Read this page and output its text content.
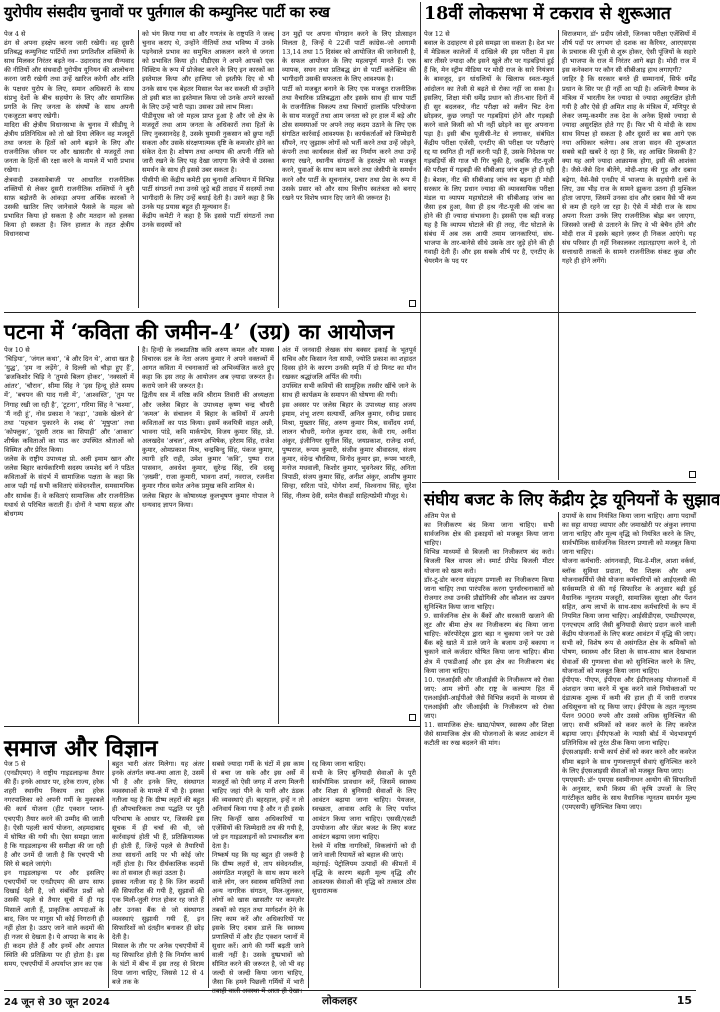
युरोपीय संसदीय चुनावों पर पुर्तगाल की कम्युनिस्ट पार्टी का रुख	18वीं लोकसभा में टकराव से शुरूआत
पटना में ‘कविता की जमीन-4’ (उग्र) का आयोजन
संघीय बजट के लिए केंद्रीय ट्रेड यूनियनों के सुझाव
समाज और विज्ञान

पेज 4 से
ढंग से अपना हस्क्षेप करना जारी रखेगी। वह दूसरी प्रतिबद्ध कम्युनिस्ट पार्टियों तथा प्रगतिशील शक्तियों के साथ मिलकर निरंतर बढ़ते नव– उदारवाद तथा सैन्यवाद की नीतियों और संघवादी युरोपीय यूनियन की आलोचना करना जारी रखेगी तथा उन्हें खारिज करेगी और शांति के पक्षधर युरोप के लिए, समान अधिकारों के साथ संप्रभु देशों के बीच सहयोग के लिए और सामाजिक प्रगति के लिए जनता के संघर्षों के साथ अपनी एकजुटता बनाए रखेगी।
मादिरा की क्षेत्रीय विधानसभा के चुनाव में सीडीयू ने क्षेत्रीय प्रतिनिधित्व को तो खो दिया लेकिन वह मजदूरों तथा जनता के हितों को आगे बढ़ाने के लिए और राजनीतिक जीवन पर और खासतौर से मजदूरों तथा जनता के हितों की रक्षा करने के मामले में भारी प्रभाव रखेगा।
क्षेत्रवादी उकसावेबाजी पर आधारित राजनीतिक शक्तियों से लेकर दूसरी राजनीतिक शक्तियों ने बुरी साफ़ बढ़ोतरी के आंकड़ा अपना अर्थिक कारकों ने उसकी खातिर लिए जानेवाले फैसले के महत्व को प्रभावित किया हो सकता है और मतदान को हलका किया हो सकता है। जिन हालात के तहत क्षेत्रीय विधानसभा

को भंग किया गया था और गणतंत्र के राष्ट्रपति ने जल्द चुनाव कराए थे, उन्होंने नीतियों तथा भविष्य में उनके पड़नेवाले प्रभाव का समुचित आकलन करने से जनता को प्रभावित किया हो। पीडीएस ने अपने आपको एक विक्टिम के रूप में प्रोजेक्ट करने के लिए इन कारकों का इस्तेमाल किया और हालिया जो इस्तीफे दिए वो भी उनके साथ एक बेहतर मिसाल पेश कर सकती थी उन्होंने तो इसी बात का इस्तेमाल किया जो उनके अपने कारकों के लिए उन्हें भारी पड़ा। उसका उसे लाभ मिला।
पीडीयूएस को जो महत्व प्राप्त हुआ है और जो क्षेत्र के मजदूरों तथा आम जनता के अधिकारों तथा हितों के लिए नुकसानदेह है, उसके घुमावी नुकसान को छुपा नहीं सकता और उसके संरक्षणात्मक दृष्टि के कमजोर होने का संकेत देता है। शोषण तथा अन्याय की अपनी नीति को जारी रखने के लिए यह देखा जाएगा कि जेपी से उसका समर्थन के साथ ही इससे उबर सकता है।
पीसीपी की केंद्रीय कमेटी इस चुनावी अभियान में विभिन्न पार्टी संगठनों तथा उनसे जुड़े बड़ी तादाद में सदस्यों तथा भागीदारी के लिए उन्हें बधाई देती है। उसने कहा है कि उनके यह प्रयास बहुत ही मूल्यवान हैं।
केंद्रीय कमेटी ने कहा है कि इससे पार्टी संगठनों तथा उनके सदस्यों को

उन मुद्दों पर अपना योगदान करने के लिए प्रोत्साहन मिलता है, जिन्हें ये 22वीं पार्टी कांग्रेस–जो आगामी 13,14 तथा 15 दिसंबर को आयोजित की जानेवाली है, के सफल आयोजन के लिए महत्वपूर्ण मानते हैं। एक व्यापक, सघन तथा प्रतिबद्ध ढंग से पार्टी कलेक्टिव की भागीदारी उसकी सफलता के लिए आवश्यक है।
पार्टी को मजबूत बनाने के लिए एक मजबूत राजनीतिक तथा वैचारिक प्रतिबद्धता और इसके साथ ही साथ पार्टी के राजनीतिक विकल्प तथा विचारों हालांकि परियोजना के साथ मजदूरों तथा आम जनता को हर हाल में बड़े और ठोस समस्याओं पर अपने तरह कदम उठाने के लिए एक संगठित कार्रवाई आवश्यक है। कार्यकर्ताओं को जिम्मेदारी सौंपने, नए जुझारू लोगों को भर्ती करने तथा उन्हें जोड़ने, कंपनी तथा कार्यस्थल सेलों का निर्माण करने तथा उन्हें बनाए रखने, स्थानीय संगठनों के हस्तक्षेप को मजबूत करने, युवाओं के साथ काम करने तथा जेसीपी के समर्थन करने और पार्टी के सूचनातंत्र, प्रचार तथा प्रेस के रूप में उसके प्रसार को और साथ वित्तीय स्वतंत्रता को बनाए रखने पर विशेष ध्यान दिए जाने की जरूरत है।

पेज 12 से
बवाल के उदाहरण से इसे समझा जा सकता है। देश भर में मेडिकल कालेजों में दाखिले की इस परीक्षा में इस बार तीसरे ज्यादा और इसने खुले तौर पर गड़बड़ियां हुई हैं कि, मेन स्ट्रीम मीडिया पर मोदी राज के सारे नियंत्रण के बावजूद, इन धांधलियों के खिलाफ स्वतः-स्फूर्त आंदोलन का तेजी से बढ़ते से रोका नहीं जा सका है। इसलिए, शिक्षा मंत्री धर्मेंद्र प्रधान को तीन-चार दिनों में ही सुर बदलकर, नीट परीक्षा को क्लीन चिट देना छोड़कर, कुछ जगहों पर गड़बड़ियां होने और गड़बड़ी करने वाले किसी को भी नहीं छोड़ने का सुर अपनाना पड़ा है। इसी बीच यूजीसी-नेट से लगाकर, संबंधित केंद्रीय परीक्षा एजेंसी, एनटीए की परीक्षा पर परीक्षाएं रद्द या स्थगित ही नहीं करनी पड़ी हैं, उसके निदेशक पर गड़बड़ियों की गाज भी गिर चुकी है, जबकि नीट-यूजी की परीक्षा में गड़बड़ी की सीबीआइ जांच शुरू हो ही रही है। बेशक, नीट की सीबीआइ जांच का बढ़ना ही मोदी सरकार के लिए प्रधान ज्यादा की व्यावसायिक परीक्षा मंडल या व्यापम महाघोटाले की सीबीआइ जांच का जैसा हश्र हुआ, वैसा ही हश्र नीट-यूजी की जांच का होने की ही ज्यादा संभावना है। इसकी एक बड़ी वजह यह है कि व्यापम घोटाले की ही तरह, नीट घोटाले के संबंध में अब तक आयी तमाम जानकारियां, संघ-भाजपा के तार-बानेसे सीधे उसके तार जुड़े होने की ही गवाही देती हैं। और इस सबके शीर्ष पर है, एनटीए के चेयरमैन के पद पर

विराजमान, डॉ॰ प्रदीप जोशी, जिनका परीक्षा एजेंसियों में शीर्ष पदों पर लगभग दो दशक का कैरियर, आरएसएस के प्रचारक की पूंजी से शुरू होकर, ऐसी पूंजियों के सहारे ही भाजपा के राज में निरंतर आगे बढ़ा है। मोदी राज में इस कनेक्शन पर कौन सी सीबीआइ हाथ लगाएगी?
जाहिर है कि सरकार बनते ही सम्मानार्य, सिर्फ धर्मेंद्र प्रधान के सिर पर ही नहीं आ पड़ी है। अश्विनी वैष्णव के मंत्रित्व में भारतीय रेल ज्यादा से ज्यादा असुरक्षित होती गयी है और ऐसे ही अमित शाह के मंत्रित्व में, मणिपुर से लेकर जम्मू-कश्मीर तक देश के अनेक हिस्से ज्यादा से ज्यादा असुरक्षित होते गए हैं। फिर भी ये मोदी के साथ साथ विपक्ष हो सकता है और दूसरों का बस आगे एक नया अधिकार चलेगा। अब ताजा सदन की शुरूआत सबसे बड़ी खबरें दे रहा है कि, वह आखिर किसकी है? क्या यह आगे ज्यादा आक्रामक होगा, इसी की आशंका है। जैसे-जैसे दिन बीतेंगे, मोदी-शाह की गुड़ और दबाव बढ़ेगा, वैसे-वैसे एनडीए में भाजपा के सहयोगी दलों के लिए, उस भीड़ राज के सामने झुकना उतना ही मुश्किल होता जाएगा, जिसमें उनका दांव और दबाव वैसे भी कम से कम ही रहने जा रहा है। ऐसे में मोदी राज के साथ अपना रिश्ता उनके लिए राजनीतिक बोझ बन जाएगा, जिसको जल्दी से उतारने के लिए वे भी बेचैन होंगे और मोदी राज में इसके बहाने ज़रूर ही निकल आएंगे। यह संघ परिवार ही नहीं निकालकर तड़ातड़ाएगा करने दे, तो सत्ताधारी ताकतों के सामने राजनीतिक संकट कुछ और गहरे ही होने लगेंगे।

पेज 10 से
‘चिड़िया’, ‘जंगल कथा’, ‘बे और दिन थे’, आधा खत है ‘युद्ध’, ‘हम ना लड़ेंगे’, वे दिल्ली को चौड़ा हुए हैं’, ‘ब्रजकिशोर चिड़ि ने ‘तुमसे बिलग होकर’, ‘नक्सलों में आंतर’, ‘चौरान’, सीमा सिंह ने ‘इस हिन्दू होते समय में’, ‘बचपन की याद गली में’, ‘आश्वस्ति’, ‘तुम पर निगाह रखी जा रही है’, ‘टूटना’, गरिमा सिंह ने ‘चश्मा’, ‘मैं नदी हूं’, नोव प्रकाश ने ‘कड़ा’, ‘उसके खेलने से’ तथा ‘पहचान पुकारने के शब्द से’ ‘मूषुप्ता’ तथा ‘कोफ्लुक’, ‘दूसरी तरफ़ का सिपाही’ और ‘आकार’ शीर्षक कविताओं का पाठ कर उपस्थित श्रोताओं को विस्मित और प्रेरित किया।
जलेस के राष्ट्रीय उपाध्यक्ष प्रो. अली इमाम खान और जलेस बिहार कार्यकारिणी सदस्य जमशेद बर्ग ने पठित कविताओं के संदर्भ में सामाजिक पक्षता के कहा कि आज पढ़ी गई सभी कविताएं संवेदनशील, समसामयिक और सार्थक हैं। वे कविताएं सामाजिक और राजनीतिक यथार्थ से परिचित कराती हैं। दोनों ने भाषा सहज और बोधगम्य

है। हिन्दी के लब्धप्रतिष्ठ कवि अरुण कमल और माक्स विचारक दल के नेता अजय कुमार ने अपने वक्तव्यों में आगत कविता में रचनाकारों को अभिव्यंजित करते हुए कहा कि इस तरह के आयोजन अब ज़्यादा जरूरत है। कराये जाने की जरूरत है।
द्वितीय सत्र में वरिष्ठ कवि श्रीराम तिवारी की अध्यक्षता और जलेस बिहार के उपाध्यक्ष कृष्ण चन्द्र चौधरी ‘कमल’ के संचालन में बिहार के कवियों में अपनी कविताओं का पाठ किया। इसमें कवयित्री वाहत अन्नी, भावना पांडे, कवि मार्कण्डेय, विजय कुमार सिंह, प्रो. अलखदेव ‘अचल’, अरुण अभिषेक, हरेराम सिंह, राजेश कुमार, ओमप्रकाश मिश्र, चन्द्रबिन्दु सिंह, पंकज कुमार, त्यागी हरि राही, उमेश कुमार ‘कवि’, पुष्पा राज पासवान, अवधेश कुमार, सुरेन्द्र सिंह, रवि दस्सु ‘ज़ख्मी’, राजा कुमारी, भावना शर्मा, नवराज, रजनीश कुमार गौरव समेत अनेक प्रमुख कवि शामिल थे।
जलेस बिहार के कोषाध्यक्ष कुलभूषण कुमार गोपाल ने धन्यवाद ज्ञापन किया।

अंत में जनवादी लेखक संघ बक्सर इकाई के भूतपूर्व सचिव और किसान नेता साथी, ज्योति प्रकाश का शहादत दिवस होने के कारण उनकी स्मृति में दो मिनट का मौन रखकर श्रद्धांजलि अर्पित की गयी।
उपस्थित सभी कवियों की सामूहिक तस्वीर खींचे जाने के साथ ही कार्यक्रम के समापन की घोषणा की गयी।
इस अवसर पर जलेस बिहार के उपाध्यक्ष साह अजय इमाम, शंभू शरण सत्यार्थी, अनिल कुमार, रवीन्द्र प्रसाद मिश्रा, मुख्तार सिंह, अरुण कुमार मिश्र, सर्वोदय शर्मा, लालन चौधरी, मनोज कुमार दास, केवी राय, अनीश अंकुर, इंजीनियर सुनील सिंह, जयप्रकाश, राजेन्द्र शर्मा, पुष्पराज, रूपम कुमारी, संजीव कुमार श्रीवास्तव, संजय कुमार, वंदेन्द्र चौरसिया, विनोद कुमार झा, रूपम भारती, मनोज मधवाली, किशोर कुमार, भुवनेश्वर सिंह, अनिता त्रिपाठी, संजय कुमार सिंह, अनीश अंकुर, आशीष कुमार सिन्हा, सरिता पांडे, योगेश शर्मा, विश्वनाथ सिंह, सुरेश सिंह, नीलम देवी, समेत सैकड़ों साहित्यप्रेमी मौजूद थे।

अंतिम पेज से
का निजीकरण बंद किया जाना चाहिए। सभी सार्वजनिक क्षेत्र की इकाइयों को मजबूत किया जाना चाहिए।
विभिन्न माध्यमों से बिजली का निजीकरण बंद करो। बिजली बिल वापस लो। स्मार्ट प्रीपेड बिजली मीटर योजना को खत्म करो।
डॉर-टू-डोर करना संग्रहण प्रणाली का निजीकरण किया जाना चाहिए तथा पारंपरिक करना पुनर्संरचनाकारों को रोजगार तथा उनकी प्रौद्योगिकी और कौशल का उन्नयन सुनिश्चित किया जाना चाहिए।
9. सार्वजनिक क्षेत्र के बैंकों और सरकारी खजाने की लूट और बीमा क्षेत्र का निजीकरण बंद किया जाना चाहिए: कॉरपोरेट्स द्वारा बड़ा न चुकाया जाने पर उसे बैंक बट्टे खाते में डाले जाने के बजाय उन्हें बकाया न चुकाने वाले कर्जदार घोषित किया जाना चाहिए। बीमा क्षेत्र में एफडीआई और इस क्षेत्र का निजीकरण बंद किया जाना चाहिए।
10. एलआईसी और जीआईसी के निजीकरण को रोका जाए: आम लोगों और राष्ट्र के कल्याण हित में एलआईसी-आईपीओ जैसे विभिन्न कदमों के माध्यम से एलआईसी और जीआईसी के निजीकरण को रोका जाए।
11. सामाजिक क्षेत्र: खाद्य/पोषण, स्वास्थ्य और शिक्षा जैसे सामाजिक क्षेत्र की योजनाओं के बजट आवंटन में कटौती का रुख बदलने की मांग।

उपायों के साथ नियंत्रित किया जाना चाहिए। आगा पदार्थों का सट्टा वायदा व्यापार और जमाखोरी पर अंकुश लगाया जाना चाहिए और मूल्य वृद्धि को नियंत्रित करने के लिए, सार्वभौमिक सार्वजनिक वितरण प्रणाली को मजबूत किया जाना चाहिए।
योजना कर्मचारी: आंगनवाड़ी, मिड-डे-मील, आशा वर्कर्स, ब्लॉक सुविधा प्रदाता, पैरा शिक्षक और अन्य योजनाकर्मियों जैसे योजना कर्मचारियों को आईएलसी की सर्वसम्मति से की गई सिफारिश के अनुसार बढ़ी हुई वैधानिक न्यूनतम मजदूरी, सामाजिक सुरक्षा और पेंशन सहित, अन्य लाभों के साथ-साथ कर्मचारियों के रूप में नियमित किया जाना चाहिए। आईसीडीएस, एमडीएमएस, एनएचएम आदि जैसी बुनियादी सेवाएं प्रदान करने वाली केंद्रीय योजनाओं के लिए बजट आवंटन में वृद्धि की जाए। सभी को, विशेष रूप से असंगठित क्षेत्र के श्रमिकों को पोषण, स्वास्थ्य और शिक्षा के साथ-साथ बाल देखभाल सेवाओं की गुणवत्ता सेवा को सुनिश्चित करने के लिए, योजनाओं को मजबूत किया जाना चाहिए।
ईपीएफ: पीएफ, ईपीएस और ईडीएलआइ योजनाओं में अंशदान जमा करने में चूक करने वाले नियोक्ताओं पर दंडात्मक शुल्क में कमी की हाल ही में जारी राजपत्र अधिसूचना को रद्द किया जाए। ईपीएस के तहत न्यूनतम पेंशन 9000 रुपये और उससे अधिक सुनिश्चित की जाए। सभी श्रमिकों को कवर करने के लिए कवरेज बढ़ाया जाए। ईपीएफओ के न्यासी बोर्ड में भेदभावपूर्ण प्रतिनिधित्व को तुरंत ठीक किया जाना चाहिए।
ईएसआइसी: सभी कार्य क्षेत्रों को कवर करने और कवरेज सीमा बढ़ाने के साथ गुणवत्तापूर्ण सेवाएं सुनिश्चित करने के लिए ईएसआइसी सेवाओं को मजबूत किया जाए।
एमएसपी: डॉ॰ एमएस स्वामीनाथन आयोग की सिफारिशों के अनुसार, सभी किस्म की कृषि उपजों के लिए गारंटीकृत खरीद के साथ वैधानिक न्यूनतम समर्थन मूल्य (एमएसपी) सुनिश्चित किया जाए।

पेज 5 से
(एनडीएमए) ने राष्ट्रीय गाइडलाइन्स तैयार की हैं। इनके आधार पर, हरेक राज्य, हरेक शहरी स्थानीय निकाय तथा हरेक नगरपालिका को अपनी गर्मी के मुकाबले की कार्य योजना (हीट एक्शन प्लान-एचएपी) तैयार करने की उम्मीद की जाती है। ऐसी पहली कार्य योजना, अहमदाबाद में घोषित की गयी थी। ऐसा समझा जाता है कि गाइडलाइन्स की समीक्षा की जा रही है और उनमें दी जाती है कि एचएपी भी सिरे से बदले जाएंगे।
इन गाइडलाइन्स पर और इसलिए एचएपीयों पर एनडीएमए की छाप साफ दिखाई देती है, जो संबंधित प्रश्नों को उसकी पहले से तैयार सूची में ही गढ़ मिसालें आती हैं, प्राकृतिक आपदाओं के बाद, जिन पर मानूस भी कोई निगरानी ही नहीं होता है। उठाए जाने वाले कदमों की ही नजर से देखता है। ये आपदा के बाद के ही कदम होते हैं और इनमें और आपात स्थिति की प्रतिक्रिया पर ही होता है। इस समय, एचएपीयों में अपर्याप्त ज्ञान का एक

बहुत भारी अंतर मिलेगा। यह अंतर इनके अंतर्गत क्या-क्या आता है, उसमें भी है और इनके लिए, संस्थागत व्यवस्थाओं के मामले में भी है। इसका नतीजा यह है कि ग्रीष्म लहरों की बहुत ही औपचारिकता तथा पद्धति पर पूरी परिभाषा के आधार पर, जिसकी इस सूचक में ही चर्चा की थी, जो कार्रवाइयां होती भी हैं, प्रतिक्रियात्मक ही होती हैं, जिन्हें पहले से तैयारियों तथा साधनों आदि पर भी कोई जोर नहीं होता है। फिर दीर्घकालिक कदमों का तो सवाल ही कहां उठता है।
इसका नतीजा यह है कि जिन कदमों की सिफारिश की गयी है, सुझावों की एक मिली-जुली रंगत होकर रह जाते हैं और उनका बैंक से जो संस्थागत व्यवस्थाएं सुझायी गयी हैं, इन सिफारिशों को दंतहीन बनाकर ही छोड़ देती है।
मिसाल के तौर पर अनेक एचएपीयों में यह सिफारिश होती है कि निर्माण कार्य के घंटों में बीच में इस तरह से विराम दिया जाना चाहिए, जिससे 12 से 4 बजे तक के

सबसे ज्यादा गर्मी के घंटों में इस काम से बचा जा सके और इस अर्से में मजदूरों को ऐसी जगह में शरण मिलनी चाहिए जहां पीने के पानी और ठंडक की व्यवस्थाएं हों। बहरहाल, इन्हें न तो अनिवार्य किया गया है और न ही इसके लिए किन्हीं खास अधिकारियों या एजेंसियों की जिम्मेदारी तय की गयी है, जो इन गाइडलाइनों को प्रभावशील बना देता है।
निष्कर्ष यह कि यह बहुत ही जरूरी है कि ग्रीष्म लहरों से, ताप संवेदनशील, असंगठित मज़दूरों के साथ काम करने वाले लोग, जन स्वास्थ्य समितियों तथा अन्य नागरिक संगठन, मिल-जुलकर, लोगों को खास खासतौर पर कमज़ोर तबकों को राहत तथा मार्गदर्शन देने के लिए काम करें और अधिकारियों पर इसके लिए दबाव डालें कि स्वास्थ्य प्रणालियों में और हीट एक्शन प्लानों में सुधार करें। आगे की गर्मी बढ़ती जाने वाली नहीं है। उसके दुष्प्रभावों को सीमित करने की जरूरत है, जो भी वह जल्दी से जल्दी किया जाना चाहिए, जैसा कि हमने पिछली गर्मियों में भारी तबाही वाली अवस्था में आता ही देखा।

रद्द किया जाना चाहिए।
सभी के लिए बुनियादी सेवाओं के पूरी सार्वभौमिक प्रावधान करें, जिसमें स्वास्थ्य और शिक्षा से बुनियादी सेवाओं के लिए आवंटन बढ़ाया जाना चाहिए। पेयजल, स्वच्छता, आवास आदि के लिए पर्याप्त आवंटन किया जाना चाहिए। एससी/एसटी उपयोजना और जेंडर बजट के लिए बजट आवंटन बढ़ाया जाना चाहिए।
रेलवे में वरिष्ठ नागरिकों, विकलांगों को दी जाने वाली रियायतें को बहाल की जाएं।
महंगाई: पेट्रोलियम उत्पादों की कीमतों में वृद्धि के कारण बढ़ती मूल्य वृद्धि और आवश्यक सेवाओं की वृद्धि को तत्काल ठोस सुधारात्मक

24 जून से 30 जून 2024	लोकलहर	15
